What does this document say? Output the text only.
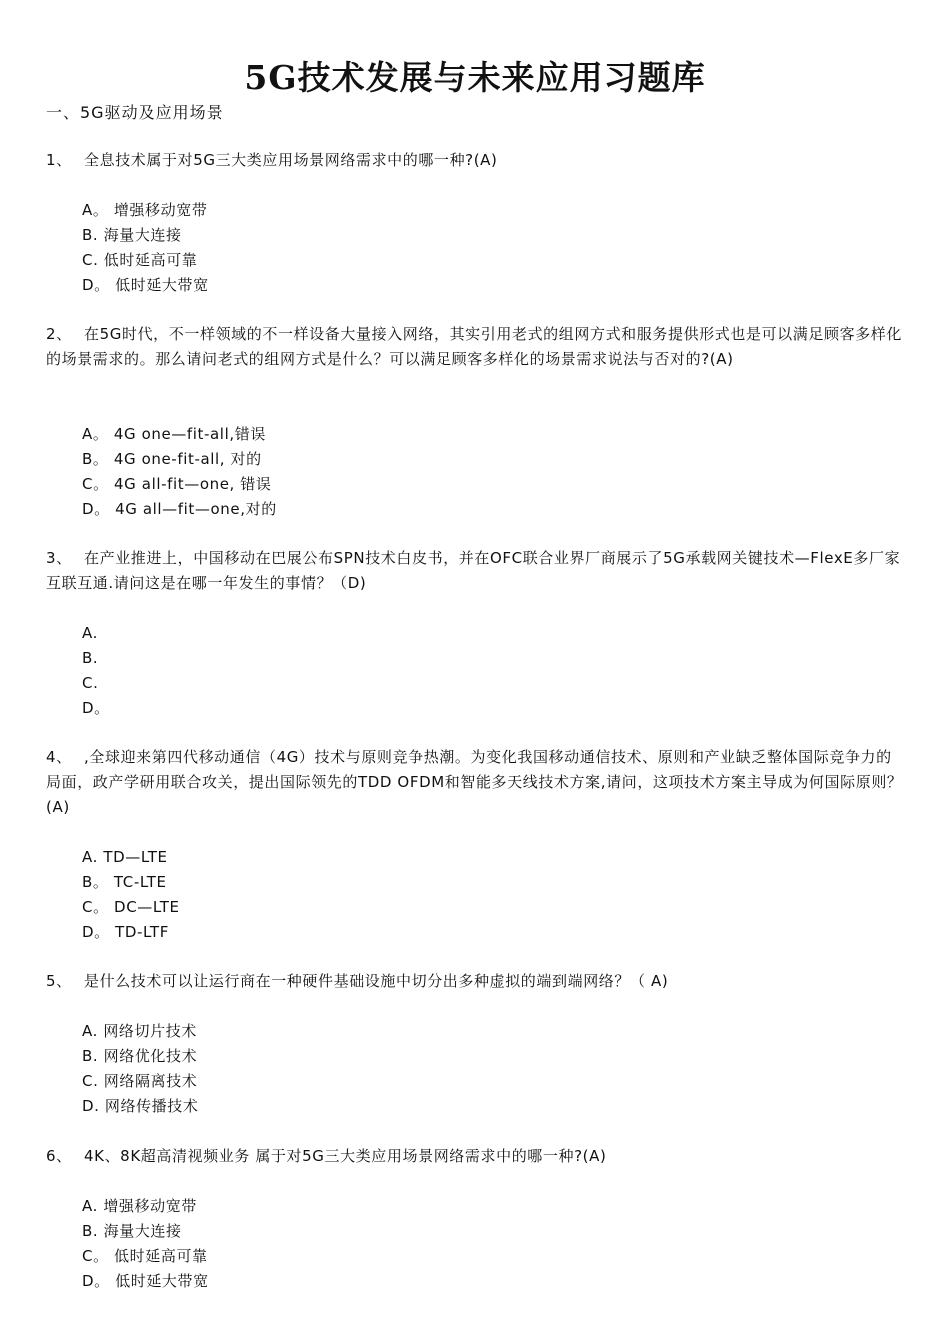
5G技术发展与未来应用习题库
一、5G驱动及应用场景
1、 全息技术属于对5G三大类应用场景网络需求中的哪一种?(A)
A。 增强移动宽带
B. 海量大连接
C. 低时延高可靠
D。 低时延大带宽
2、 在5G时代，不一样领域的不一样设备大量接入网络，其实引用老式的组网方式和服务提供形式也是可以满足顾客多样化的场景需求的。那么请问老式的组网方式是什么？可以满足顾客多样化的场景需求说法与否对的?(A)
A。 4G one—fit-all,错误
B。 4G one-fit-all, 对的
C。 4G all-fit—one, 错误
D。 4G all—fit—one,对的
3、 在产业推进上，中国移动在巴展公布SPN技术白皮书，并在OFC联合业界厂商展示了5G承载网关键技术—FlexE多厂家互联互通.请问这是在哪一年发生的事情？（D)
A.
B.
C.
D。
4、 ,全球迎来第四代移动通信（4G）技术与原则竞争热潮。为变化我国移动通信技术、原则和产业缺乏整体国际竞争力的局面，政产学研用联合攻关，提出国际领先的TDD OFDM和智能多天线技术方案,请问，这项技术方案主导成为何国际原则？(A)
A. TD—LTE
B。 TC-LTE
C。 DC—LTE
D。 TD-LTF
5、 是什么技术可以让运行商在一种硬件基础设施中切分出多种虚拟的端到端网络？（ A)
A. 网络切片技术
B. 网络优化技术
C. 网络隔离技术
D. 网络传播技术
6、 4K、8K超高清视频业务 属于对5G三大类应用场景网络需求中的哪一种?(A)
A. 增强移动宽带
B. 海量大连接
C。 低时延高可靠
D。 低时延大带宽
